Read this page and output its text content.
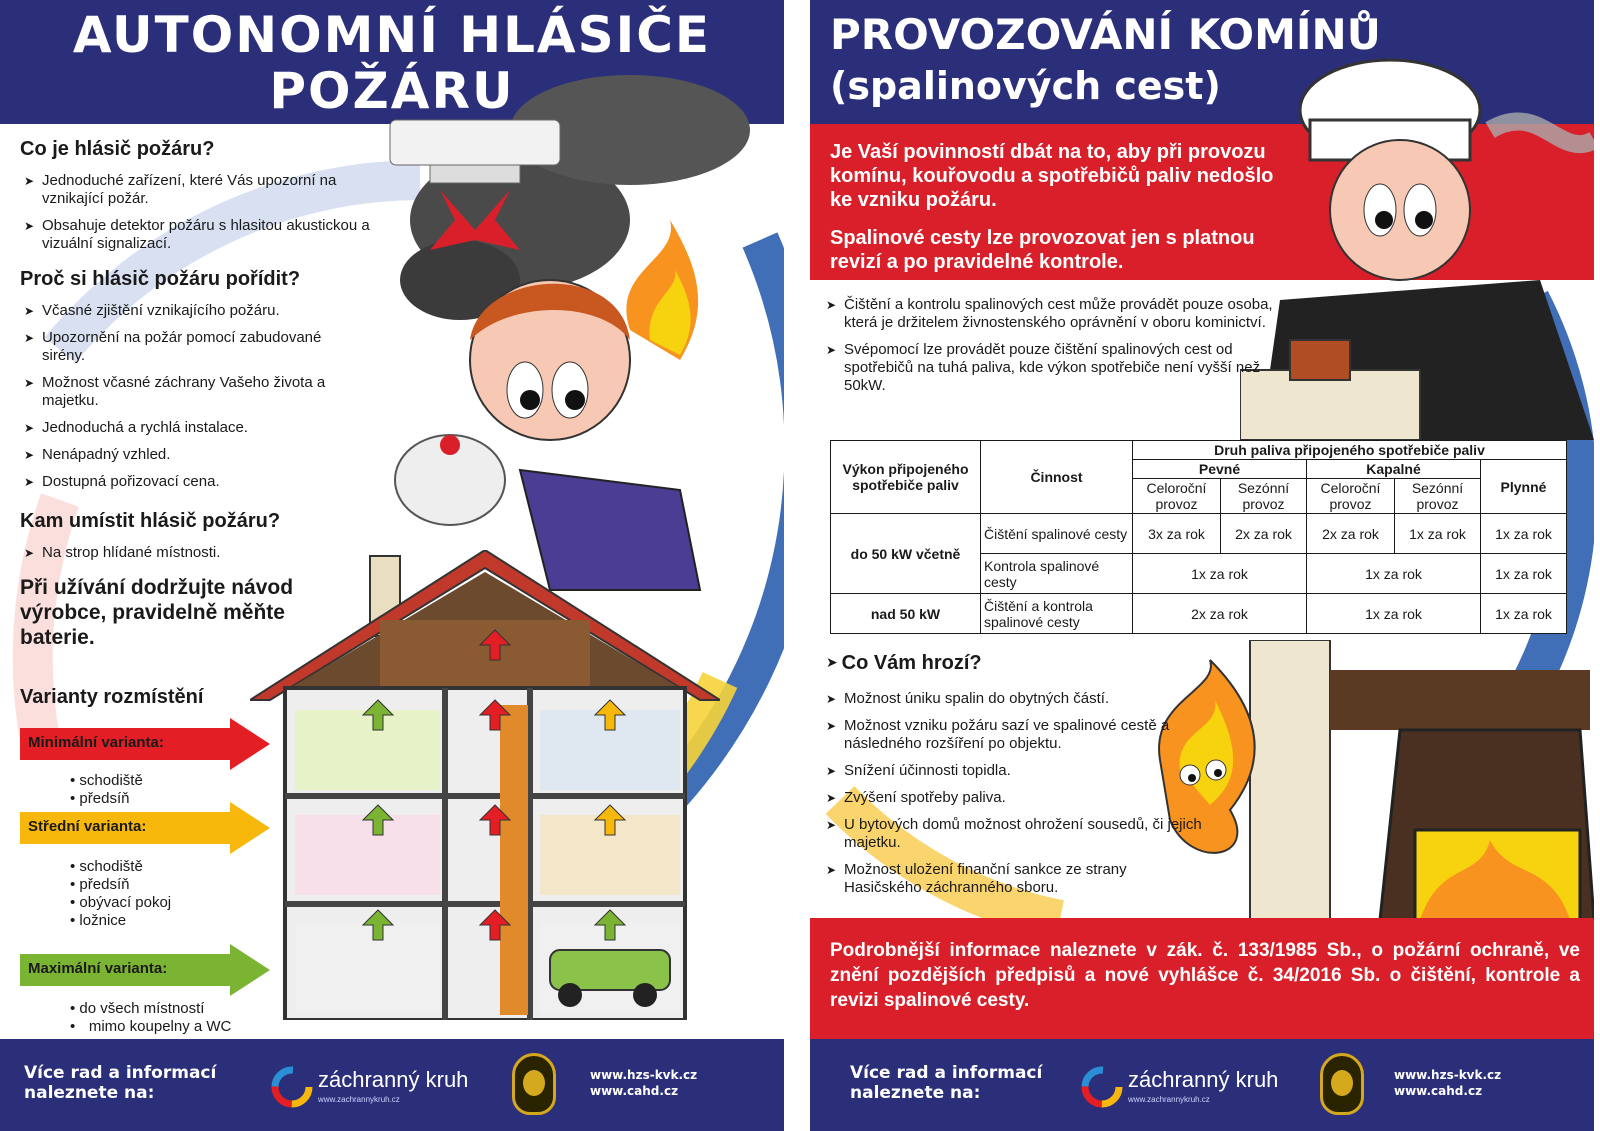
AUTONOMNÍ HLÁSIČE
POŽÁRU
Co je hlásič požáru?
➤ Jednoduché zařízení, které Vás upozorní na vznikající požár.
➤ Obsahuje detektor požáru s hlasitou akustickou a vizuální signalizací.
Proč si hlásič požáru pořídit?
➤ Včasné zjištění vznikajícího požáru.
➤ Upozornění na požár pomocí zabudované sirény.
➤ Možnost včasné záchrany Vašeho života a majetku.
➤ Jednoduchá a rychlá instalace.
➤ Nenápadný vzhled.
➤ Dostupná pořizovací cena.
Kam umístit hlásič požáru?
➤ Na strop hlídané místnosti.
Při užívání dodržujte návod výrobce, pravidelně měňte baterie.
Varianty rozmístění
Minimální varianta:
• schodiště
• předsíň
Střední varianta:
• schodiště
• předsíň
• obývací pokoj
• ložnice
Maximální varianta:
• do všech místností
• mimo koupelny a WC
Více rad a informací
naleznete na:
záchranný kruh
www.zachrannykruh.cz
www.hzs-kvk.cz
www.cahd.cz
PROVOZOVÁNÍ KOMÍNŮ
(spalinových cest)
Je Vaší povinností dbát na to, aby při provozu komínu, kouřovodu a spotřebičů paliv nedošlo ke vzniku požáru.
Spalinové cesty lze provozovat jen s platnou revizí a po pravidelné kontrole.
➤ Čištění a kontrolu spalinových cest může provádět pouze osoba, která je držitelem živnostenského oprávnění v oboru kominictví.
➤ Svépomocí lze provádět pouze čištění spalinových cest od spotřebičů na tuhá paliva, kde výkon spotřebiče není vyšší než 50kW.
Výkon připojeného spotřebiče paliv	Činnost	Druh paliva připojeného spotřebiče paliv				
		Pevné		Kapalné		Plynné
		Celoroční provoz	Sezónní provoz	Celoroční provoz	Sezónní provoz	
do 50 kW včetně	Čištění spalinové cesty	3x za rok	2x za rok	2x za rok	1x za rok	1x za rok
	Kontrola spalinové cesty	1x za rok		1x za rok		1x za rok
nad 50 kW	Čištění a kontrola spalinové cesty	2x za rok		1x za rok		1x za rok
➤ Co Vám hrozí?
➤ Možnost úniku spalin do obytných částí.
➤ Možnost vzniku požáru sazí ve spalinové cestě a následného rozšíření po objektu.
➤ Snížení účinnosti topidla.
➤ Zvýšení spotřeby paliva.
➤ U bytových domů možnost ohrožení sousedů, či jejich majetku.
➤ Možnost uložení finanční sankce ze strany Hasičského záchranného sboru.

Podrobnější informace naleznete v zák. č. 133/1985 Sb., o požární ochraně, ve znění pozdějších předpisů a nové vyhlášce č. 34/2016 Sb. o čištění, kontrole a revizi spalinové cesty.

Více rad a informací
naleznete na:
záchranný kruh
www.zachrannykruh.cz
www.hzs-kvk.cz
www.cahd.cz
